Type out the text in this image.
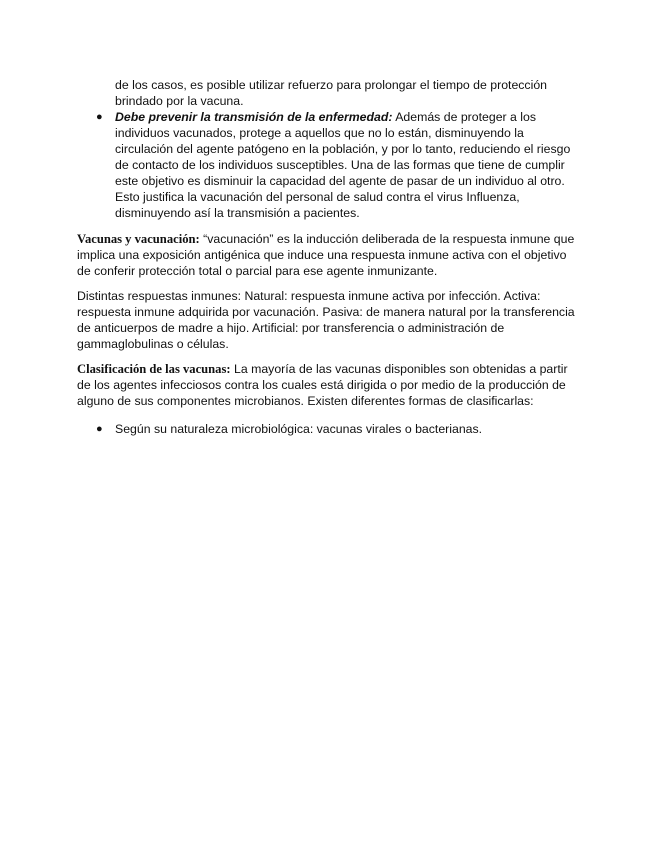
de los casos, es posible utilizar refuerzo para prolongar el tiempo de protección brindado por la vacuna.

● Debe prevenir la transmisión de la enfermedad: Además de proteger a los individuos vacunados, protege a aquellos que no lo están, disminuyendo la circulación del agente patógeno en la población, y por lo tanto, reduciendo el riesgo de contacto de los individuos susceptibles. Una de las formas que tiene de cumplir este objetivo es disminuir la capacidad del agente de pasar de un individuo al otro. Esto justifica la vacunación del personal de salud contra el virus Influenza, disminuyendo así la transmisión a pacientes.

Vacunas y vacunación: “vacunación” es la inducción deliberada de la respuesta inmune que implica una exposición antigénica que induce una respuesta inmune activa con el objetivo de conferir protección total o parcial para ese agente inmunizante.

Distintas respuestas inmunes: Natural: respuesta inmune activa por infección. Activa: respuesta inmune adquirida por vacunación. Pasiva: de manera natural por la transferencia de anticuerpos de madre a hijo. Artificial: por transferencia o administración de gammaglobulinas o células.

Clasificación de las vacunas: La mayoría de las vacunas disponibles son obtenidas a partir de los agentes infecciosos contra los cuales está dirigida o por medio de la producción de alguno de sus componentes microbianos. Existen diferentes formas de clasificarlas:

● Según su naturaleza microbiológica: vacunas virales o bacterianas.
